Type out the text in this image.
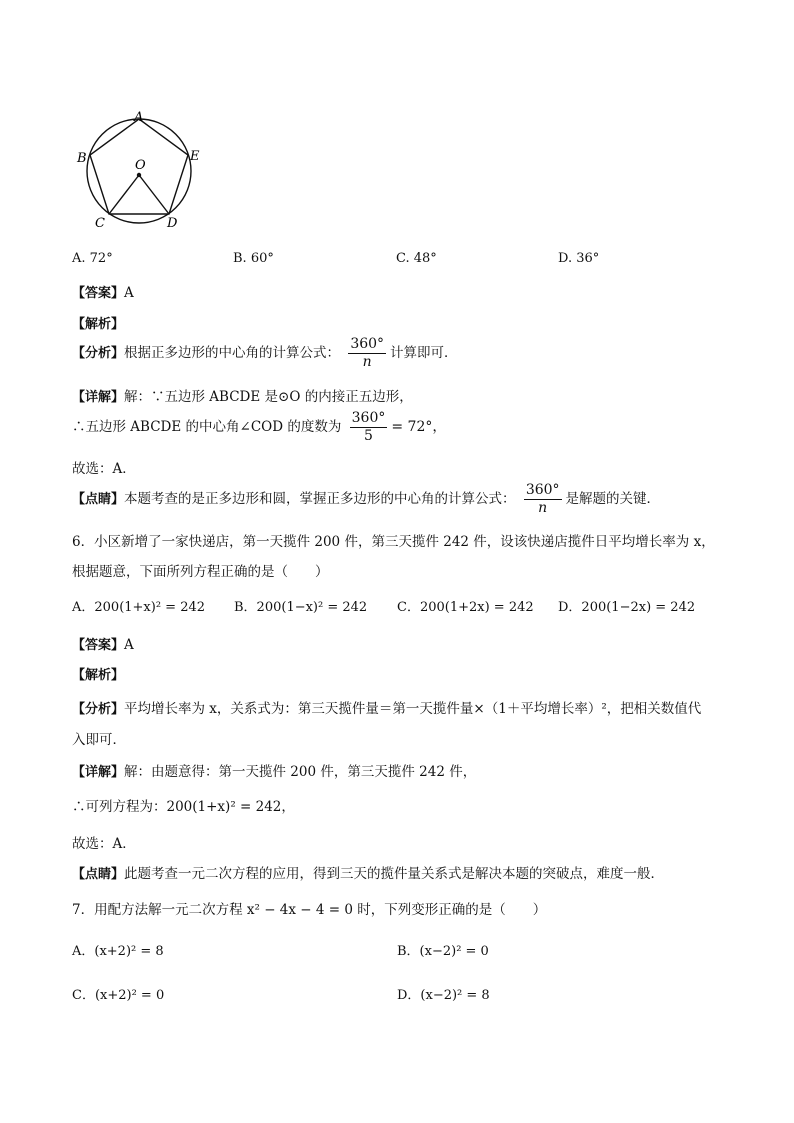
A
B	E
O
C	D
A. 72°	B. 60°	C. 48°	D. 36°
【答案】A
【解析】
【分析】根据正多边形的中心角的计算公式： $\frac{360^\circ}{n}$ 计算即可．
【详解】解：∵五边形 ABCDE 是⊙O 的内接正五边形，
∴五边形 ABCDE 的中心角∠COD 的度数为 $\frac{360^\circ}{5} = 72^\circ$，
故选：A．
【点睛】本题考查的是正多边形和圆，掌握正多边形的中心角的计算公式： $\frac{360^\circ}{n}$ 是解题的关键．
6．小区新增了一家快递店，第一天揽件 200 件，第三天揽件 242 件，设该快递店揽件日平均增长率为 x，
根据题意，下面所列方程正确的是（　　）
A．200(1+x)² = 242 B．200(1−x)² = 242 C．200(1+2x) = 242 D．200(1−2x) = 242
【答案】A
【解析】
【分析】平均增长率为 x，关系式为：第三天揽件量＝第一天揽件量×（1＋平均增长率）²，把相关数值代
入即可．
【详解】解：由题意得：第一天揽件 200 件，第三天揽件 242 件，
∴可列方程为：200(1+x)² = 242，
故选：A．
【点睛】此题考查一元二次方程的应用，得到三天的揽件量关系式是解决本题的突破点，难度一般．
7．用配方法解一元二次方程 x² − 4x − 4 = 0 时，下列变形正确的是（　　）
A．(x+2)² = 8	B．(x−2)² = 0
C．(x+2)² = 0	D．(x−2)² = 8
